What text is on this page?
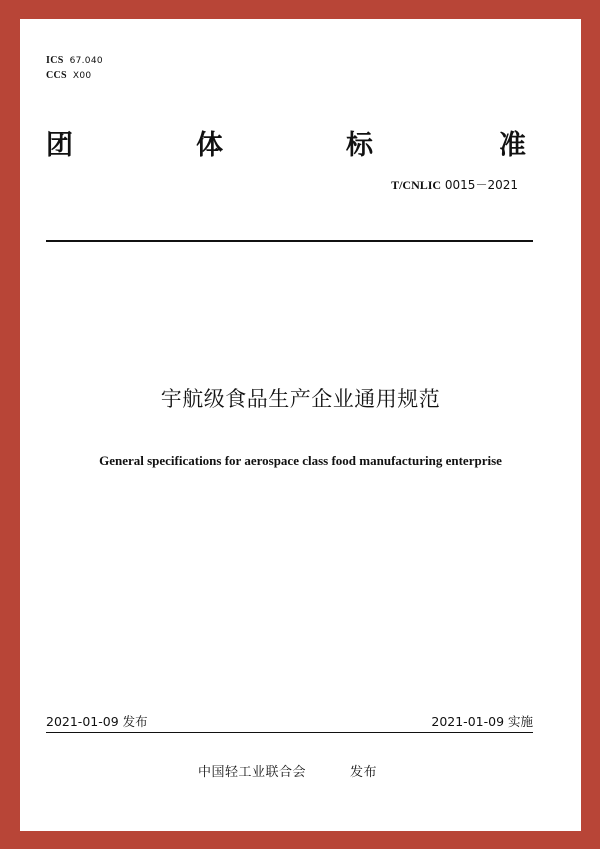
ICS 67.040
CCS X00
团	体	标	准
T/CNLIC 0015－2021
宇航级食品生产企业通用规范
General specifications for aerospace class food manufacturing enterprise
2021-01-09 发布	2021-01-09 实施
中国轻工业联合会	发布
